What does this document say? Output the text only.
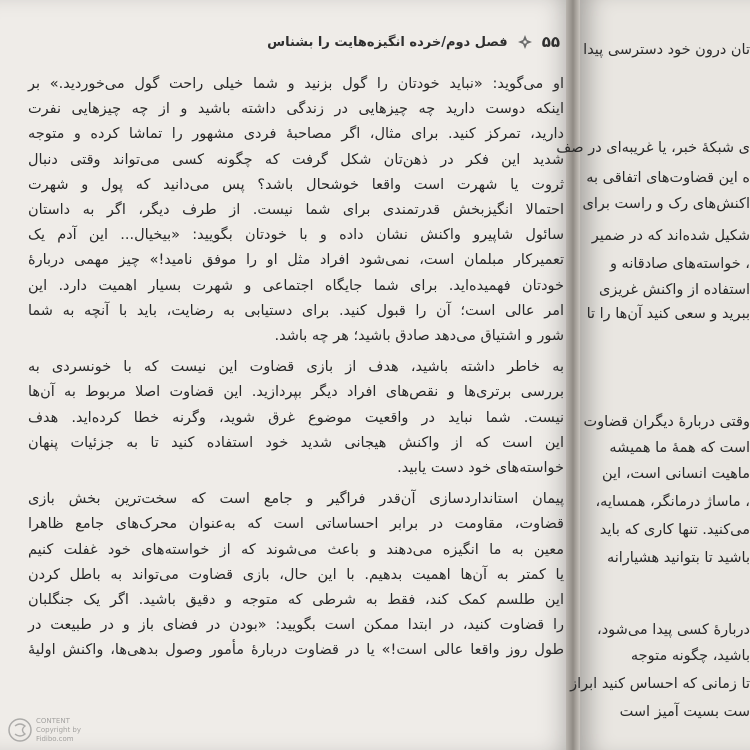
۵۵
فصل دوم/خرده انگیزه‌هایت را بشناس
او می‌گوید: «نباید خودتان را گول بزنید و شما خیلی راحت گول می‌خوردید.» بر
اینکه دوست دارید چه چیزهایی در زندگی داشته باشید و از چه چیزهایی نفرت
دارید، تمرکز کنید. برای مثال، اگر مصاحبهٔ فردی مشهور را تماشا کرده و متوجه
شدید این فکر در ذهن‌تان شکل گرفت که چگونه کسی می‌تواند وقتی دنبال
ثروت یا شهرت است واقعا خوشحال باشد؟ پس می‌دانید که پول و شهرت
احتمالا انگیزبخش قدرتمندی برای شما نیست. از طرف دیگر، اگر به داستان
سائول شاپیرو واکنش نشان داده و با خودتان بگویید: «بیخیال... این آدم یک
تعمیرکار مبلمان است، نمی‌شود افراد مثل او را موفق نامید!» چیز مهمی دربارهٔ
خودتان فهمیده‌اید. برای شما جایگاه اجتماعی و شهرت بسیار اهمیت دارد. این
امر عالی است؛ آن را قبول کنید. برای دستیابی به رضایت، باید با آنچه به شما
شور و اشتیاق می‌دهد صادق باشید؛ هر چه باشد.
به خاطر داشته باشید، هدف از بازی قضاوت این نیست که با خونسردی به
بررسی برتری‌ها و نقص‌های افراد دیگر بپردازید. این قضاوت اصلا مربوط به آن‌ها
نیست. شما نباید در واقعیت موضوع غرق شوید، وگرنه خطا کرده‌اید. هدف
این است که از واکنش هیجانی شدید خود استفاده کنید تا به جزئیات پنهان
خواسته‌های خود دست یابید.
پیمان استانداردسازی آن‌قدر فراگیر و جامع است که سخت‌ترین بخش بازی
قضاوت، مقاومت در برابر احساساتی است که به‌عنوان محرک‌های جامع ظاهرا
معین به ما انگیزه می‌دهند و باعث می‌شوند که از خواسته‌های خود غفلت کنیم
یا کمتر به آن‌ها اهمیت بدهیم. با این حال، بازی قضاوت می‌تواند به باطل کردن
این طلسم کمک کند، فقط به شرطی که متوجه و دقیق باشید. اگر یک جنگلبان
را قضاوت کنید، در ابتدا ممکن است بگویید: «بودن در فضای باز و در طبیعت در
طول روز واقعا عالی است!» یا در قضاوت دربارهٔ مأمور وصول بدهی‌ها، واکنش اولیهٔ
CONTENT
Copyright by
Fidibo.com
تان درون خود دسترسی پیدا
ی شبکهٔ خبر، یا غریبه‌ای در صف
ه این قضاوت‌های اتفاقی به
اکنش‌های رک و راست برای
شکیل شده‌اند که در ضمیر
، خواسته‌های صادقانه و
استفاده از واکنش غریزی
ببرید و سعی کنید آن‌ها را تا
وقتی دربارهٔ دیگران قضاوت
است که همهٔ ما همیشه
ماهیت انسانی است، این
، ماساژ درمانگر، همسایه،
می‌کنید. تنها کاری که باید
باشید تا بتوانید هشیارانه
دربارهٔ کسی پیدا می‌شود،
باشید، چگونه متوجه
تا زمانی که احساس کنید ابراز
ست بسیت آمیز است
